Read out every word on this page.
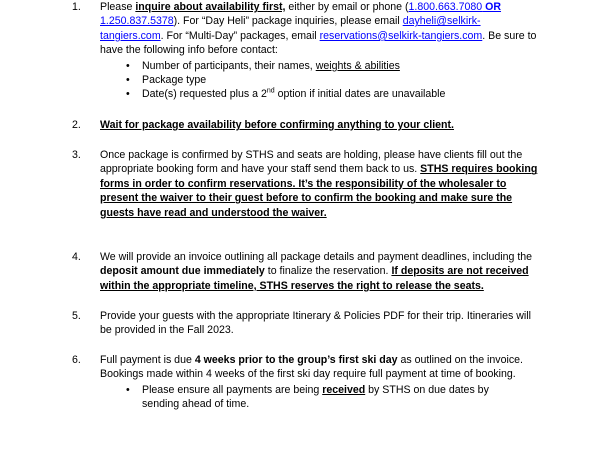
1. Please inquire about availability first, either by email or phone (1.800.663.7080 OR
1.250.837.5378). For “Day Heli” package inquiries, please email dayheli@selkirk-
tangiers.com. For “Multi-Day” packages, email reservations@selkirk-tangiers.com. Be sure to have the following info before contact:
• Number of participants, their names, weights & abilities
• Package type
• Date(s) requested plus a 2nd option if initial dates are unavailable
2. Wait for package availability before confirming anything to your client.
3. Once package is confirmed by STHS and seats are holding, please have clients fill out the appropriate booking form and have your staff send them back to us. STHS requires booking forms in order to confirm reservations. It’s the responsibility of the wholesaler to present the waiver to their guest before to confirm the booking and make sure the guests have read and understood the waiver.
4. We will provide an invoice outlining all package details and payment deadlines, including the deposit amount due immediately to finalize the reservation. If deposits are not received within the appropriate timeline, STHS reserves the right to release the seats.
5. Provide your guests with the appropriate Itinerary & Policies PDF for their trip. Itineraries will be provided in the Fall 2023.
6. Full payment is due 4 weeks prior to the group’s first ski day as outlined on the invoice. Bookings made within 4 weeks of the first ski day require full payment at time of booking.
• Please ensure all payments are being received by STHS on due dates by sending ahead of time.
